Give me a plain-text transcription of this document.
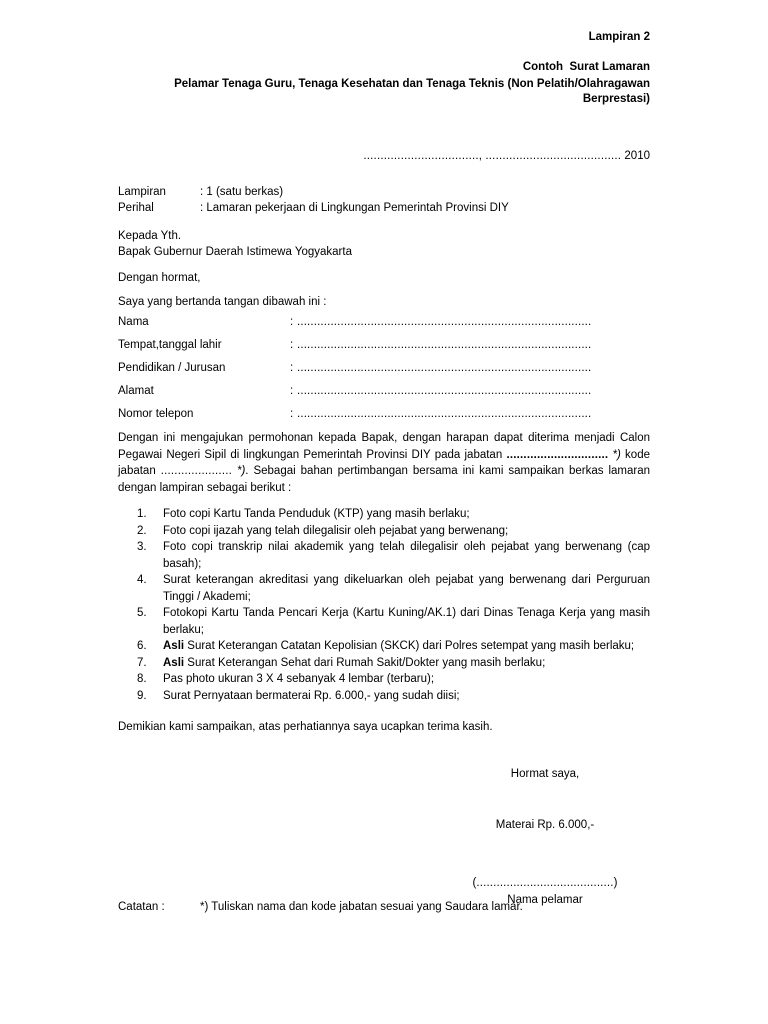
Lampiran 2
Contoh  Surat Lamaran
Pelamar Tenaga Guru, Tenaga Kesehatan dan Tenaga Teknis (Non Pelatih/Olahragawan Berprestasi)
.................................., ........................................ 2010
Lampiran	: 1 (satu berkas)
Perihal	: Lamaran pekerjaan di Lingkungan Pemerintah Provinsi DIY
Kepada Yth.
Bapak Gubernur Daerah Istimewa Yogyakarta
Dengan hormat,
Saya yang bertanda tangan dibawah ini :
Nama	: ........................................................................................
Tempat,tanggal lahir	: ........................................................................................
Pendidikan / Jurusan	: ........................................................................................
Alamat	: ........................................................................................
Nomor telepon	: ........................................................................................
Dengan ini mengajukan permohonan kepada Bapak, dengan harapan dapat diterima menjadi Calon Pegawai Negeri Sipil di lingkungan Pemerintah Provinsi DIY pada jabatan .............................. *) kode jabatan ..................... *). Sebagai bahan pertimbangan bersama ini kami sampaikan berkas lamaran dengan lampiran sebagai berikut :
1.	Foto copi Kartu Tanda Penduduk (KTP) yang masih berlaku;
2.	Foto copi ijazah yang telah dilegalisir oleh pejabat yang berwenang;
3.	Foto copi transkrip nilai akademik yang telah dilegalisir oleh pejabat yang berwenang (cap basah);
4.	Surat keterangan akreditasi yang dikeluarkan oleh pejabat yang berwenang dari Perguruan Tinggi / Akademi;
5.	Fotokopi Kartu Tanda Pencari Kerja (Kartu Kuning/AK.1) dari Dinas Tenaga Kerja yang masih berlaku;
6.	Asli Surat Keterangan Catatan Kepolisian (SKCK) dari Polres setempat yang masih berlaku;
7.	Asli Surat Keterangan Sehat dari Rumah Sakit/Dokter yang masih berlaku;
8.	Pas photo ukuran 3 X 4 sebanyak 4 lembar (terbaru);
9.	Surat Pernyataan bermaterai Rp. 6.000,- yang sudah diisi;
Demikian kami sampaikan, atas perhatiannya saya ucapkan terima kasih.
Hormat saya,
Materai Rp. 6.000,-
(.........................................)
Nama pelamar
Catatan :	*) Tuliskan nama dan kode jabatan sesuai yang Saudara lamar.
